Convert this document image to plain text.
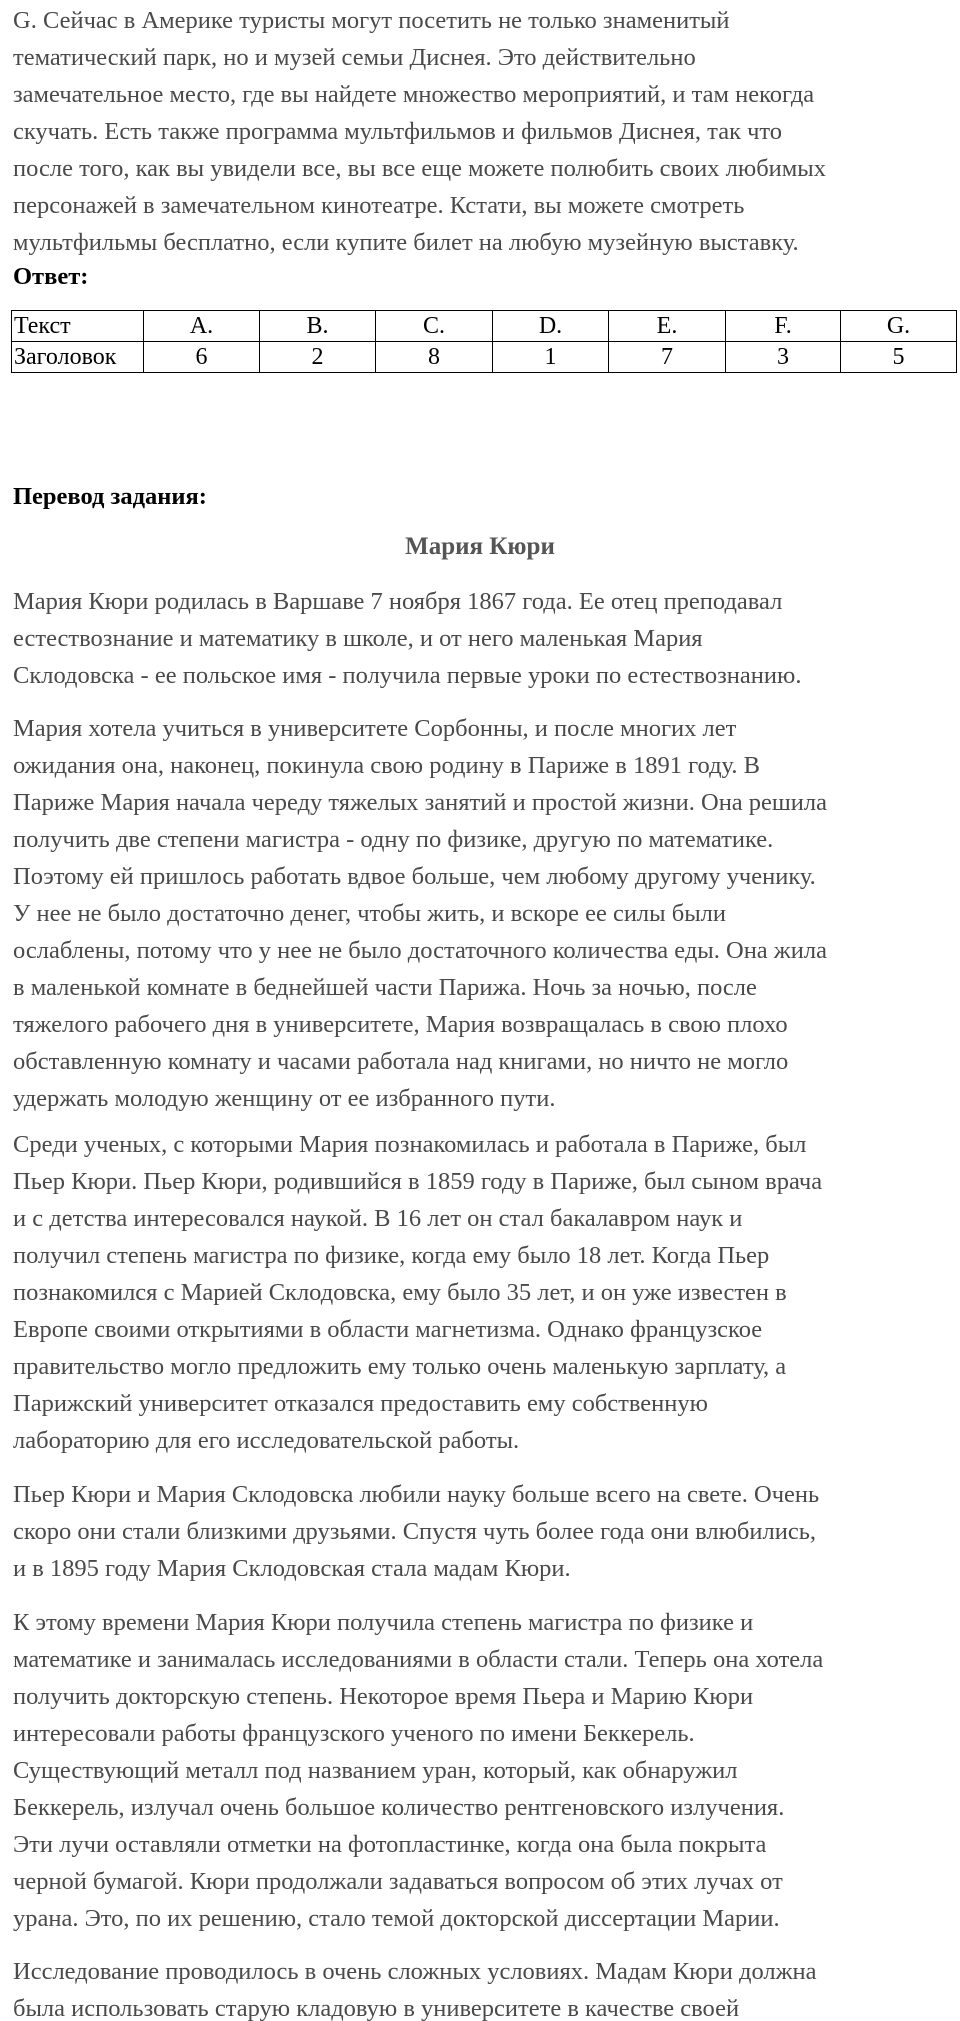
G. Сейчас в Америке туристы могут посетить не только знаменитый
тематический парк, но и музей семьи Диснея. Это действительно
замечательное место, где вы найдете множество мероприятий, и там некогда
скучать. Есть также программа мультфильмов и фильмов Диснея, так что
после того, как вы увидели все, вы все еще можете полюбить своих любимых
персонажей в замечательном кинотеатре. Кстати, вы можете смотреть
мультфильмы бесплатно, если купите билет на любую музейную выставку.

Ответ:

Текст	A.	B.	C.	D.	E.	F.	G.
Заголовок	6	2	8	1	7	3	5

Перевод задания:

Мария Кюри

Мария Кюри родилась в Варшаве 7 ноября 1867 года. Ее отец преподавал
естествознание и математику в школе, и от него маленькая Мария
Склодовска - ее польское имя - получила первые уроки по естествознанию.

Мария хотела учиться в университете Сорбонны, и после многих лет
ожидания она, наконец, покинула свою родину в Париже в 1891 году. В
Париже Мария начала череду тяжелых занятий и простой жизни. Она решила
получить две степени магистра - одну по физике, другую по математике.
Поэтому ей пришлось работать вдвое больше, чем любому другому ученику.
У нее не было достаточно денег, чтобы жить, и вскоре ее силы были
ослаблены, потому что у нее не было достаточного количества еды. Она жила
в маленькой комнате в беднейшей части Парижа. Ночь за ночью, после
тяжелого рабочего дня в университете, Мария возвращалась в свою плохо
обставленную комнату и часами работала над книгами, но ничто не могло
удержать молодую женщину от ее избранного пути.

Среди ученых, с которыми Мария познакомилась и работала в Париже, был
Пьер Кюри. Пьер Кюри, родившийся в 1859 году в Париже, был сыном врача
и с детства интересовался наукой. В 16 лет он стал бакалавром наук и
получил степень магистра по физике, когда ему было 18 лет. Когда Пьер
познакомился с Марией Склодовска, ему было 35 лет, и он уже известен в
Европе своими открытиями в области магнетизма. Однако французское
правительство могло предложить ему только очень маленькую зарплату, а
Парижский университет отказался предоставить ему собственную
лабораторию для его исследовательской работы.

Пьер Кюри и Мария Склодовска любили науку больше всего на свете. Очень
скоро они стали близкими друзьями. Спустя чуть более года они влюбились,
и в 1895 году Мария Склодовская стала мадам Кюри.

К этому времени Мария Кюри получила степень магистра по физике и
математике и занималась исследованиями в области стали. Теперь она хотела
получить докторскую степень. Некоторое время Пьера и Марию Кюри
интересовали работы французского ученого по имени Беккерель.
Существующий металл под названием уран, который, как обнаружил
Беккерель, излучал очень большое количество рентгеновского излучения.
Эти лучи оставляли отметки на фотопластинке, когда она была покрыта
черной бумагой. Кюри продолжали задаваться вопросом об этих лучах от
урана. Это, по их решению, стало темой докторской диссертации Марии.

Исследование проводилось в очень сложных условиях. Мадам Кюри должна
была использовать старую кладовую в университете в качестве своей
